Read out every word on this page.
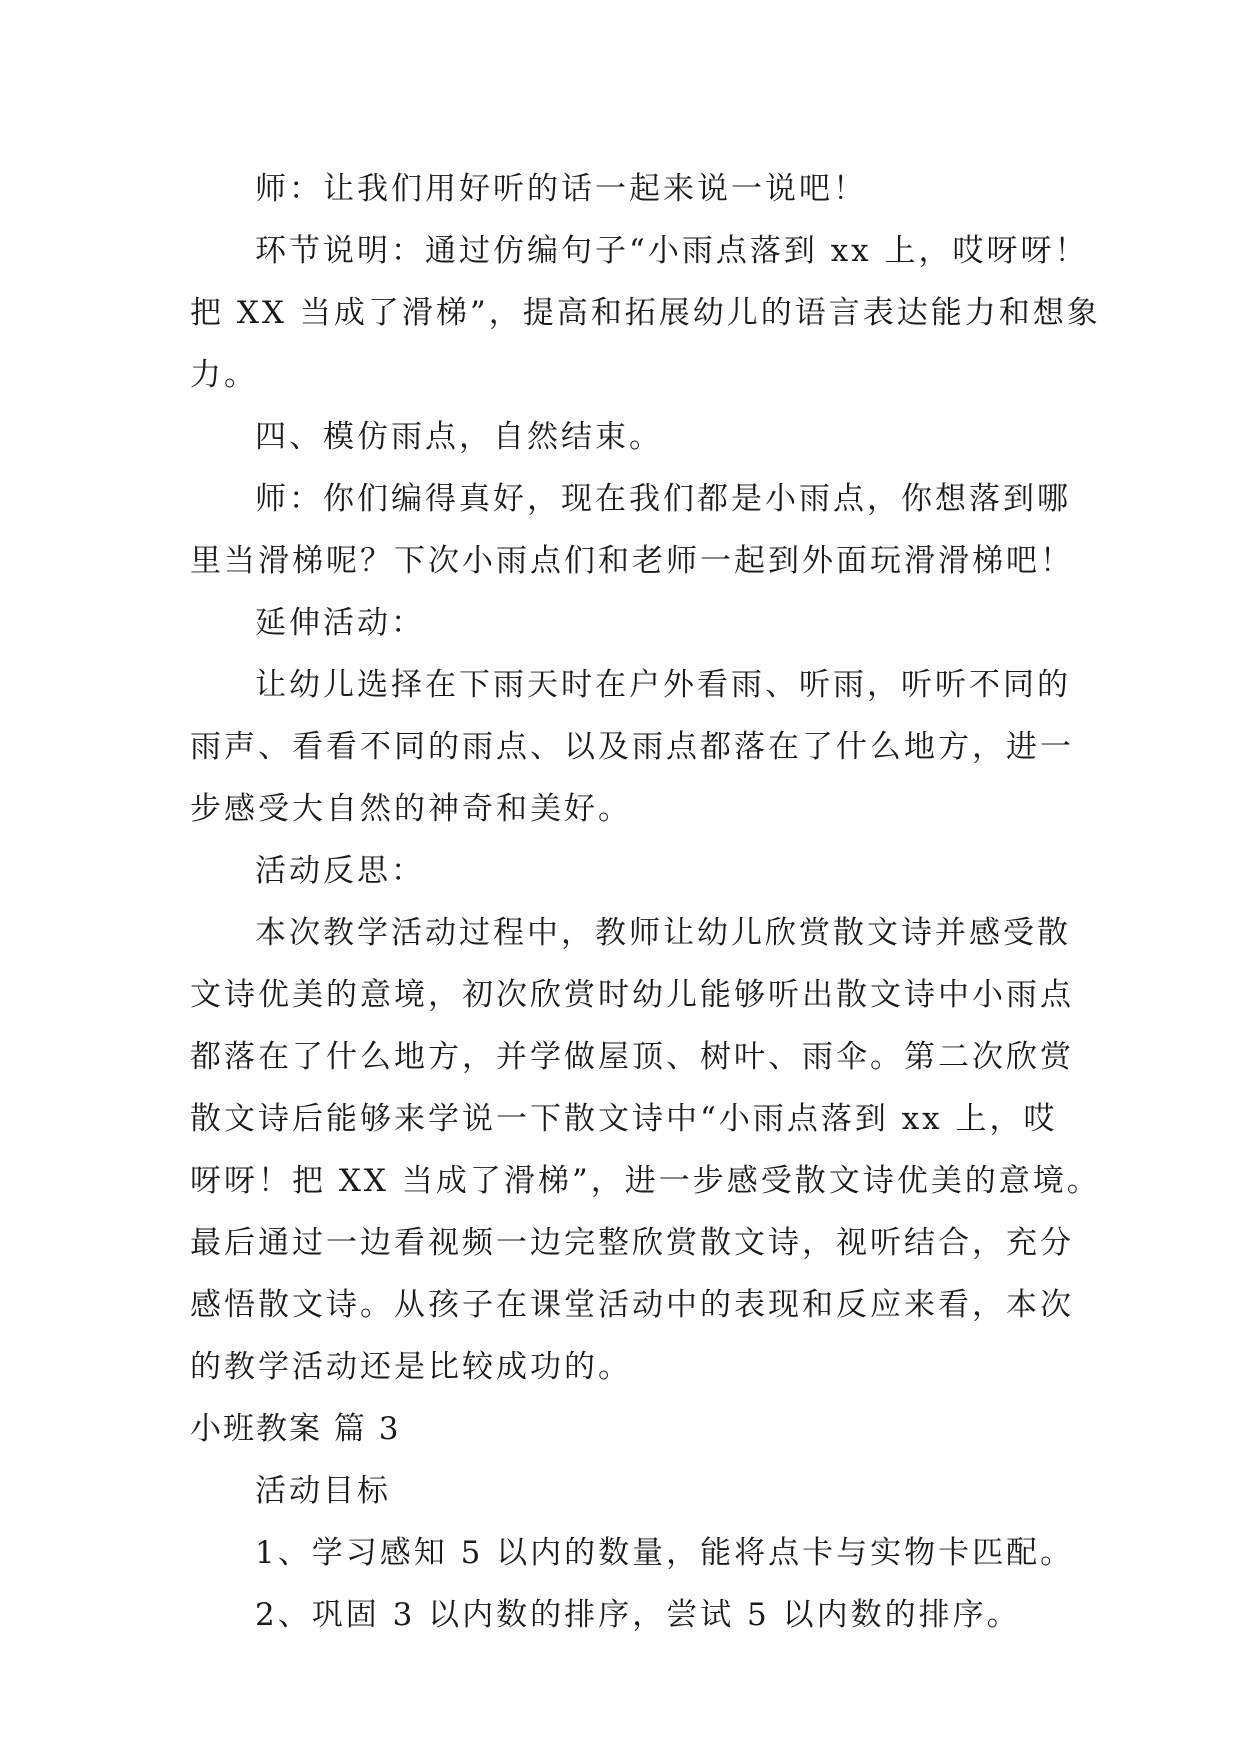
师：让我们用好听的话一起来说一说吧！
环节说明：通过仿编句子“小雨点落到 xx 上，哎呀呀！
把 XX 当成了滑梯”，提高和拓展幼儿的语言表达能力和想象
力。
四、模仿雨点，自然结束。
师：你们编得真好，现在我们都是小雨点，你想落到哪
里当滑梯呢？下次小雨点们和老师一起到外面玩滑滑梯吧！
延伸活动：
让幼儿选择在下雨天时在户外看雨、听雨，听听不同的
雨声、看看不同的雨点、以及雨点都落在了什么地方，进一
步感受大自然的神奇和美好。
活动反思：
本次教学活动过程中，教师让幼儿欣赏散文诗并感受散
文诗优美的意境，初次欣赏时幼儿能够听出散文诗中小雨点
都落在了什么地方，并学做屋顶、树叶、雨伞。第二次欣赏
散文诗后能够来学说一下散文诗中“小雨点落到 xx 上，哎
呀呀！把 XX 当成了滑梯”，进一步感受散文诗优美的意境。
最后通过一边看视频一边完整欣赏散文诗，视听结合，充分
感悟散文诗。从孩子在课堂活动中的表现和反应来看，本次
的教学活动还是比较成功的。
小班教案 篇 3
活动目标
1、学习感知 5 以内的数量，能将点卡与实物卡匹配。
2、巩固 3 以内数的排序，尝试 5 以内数的排序。
